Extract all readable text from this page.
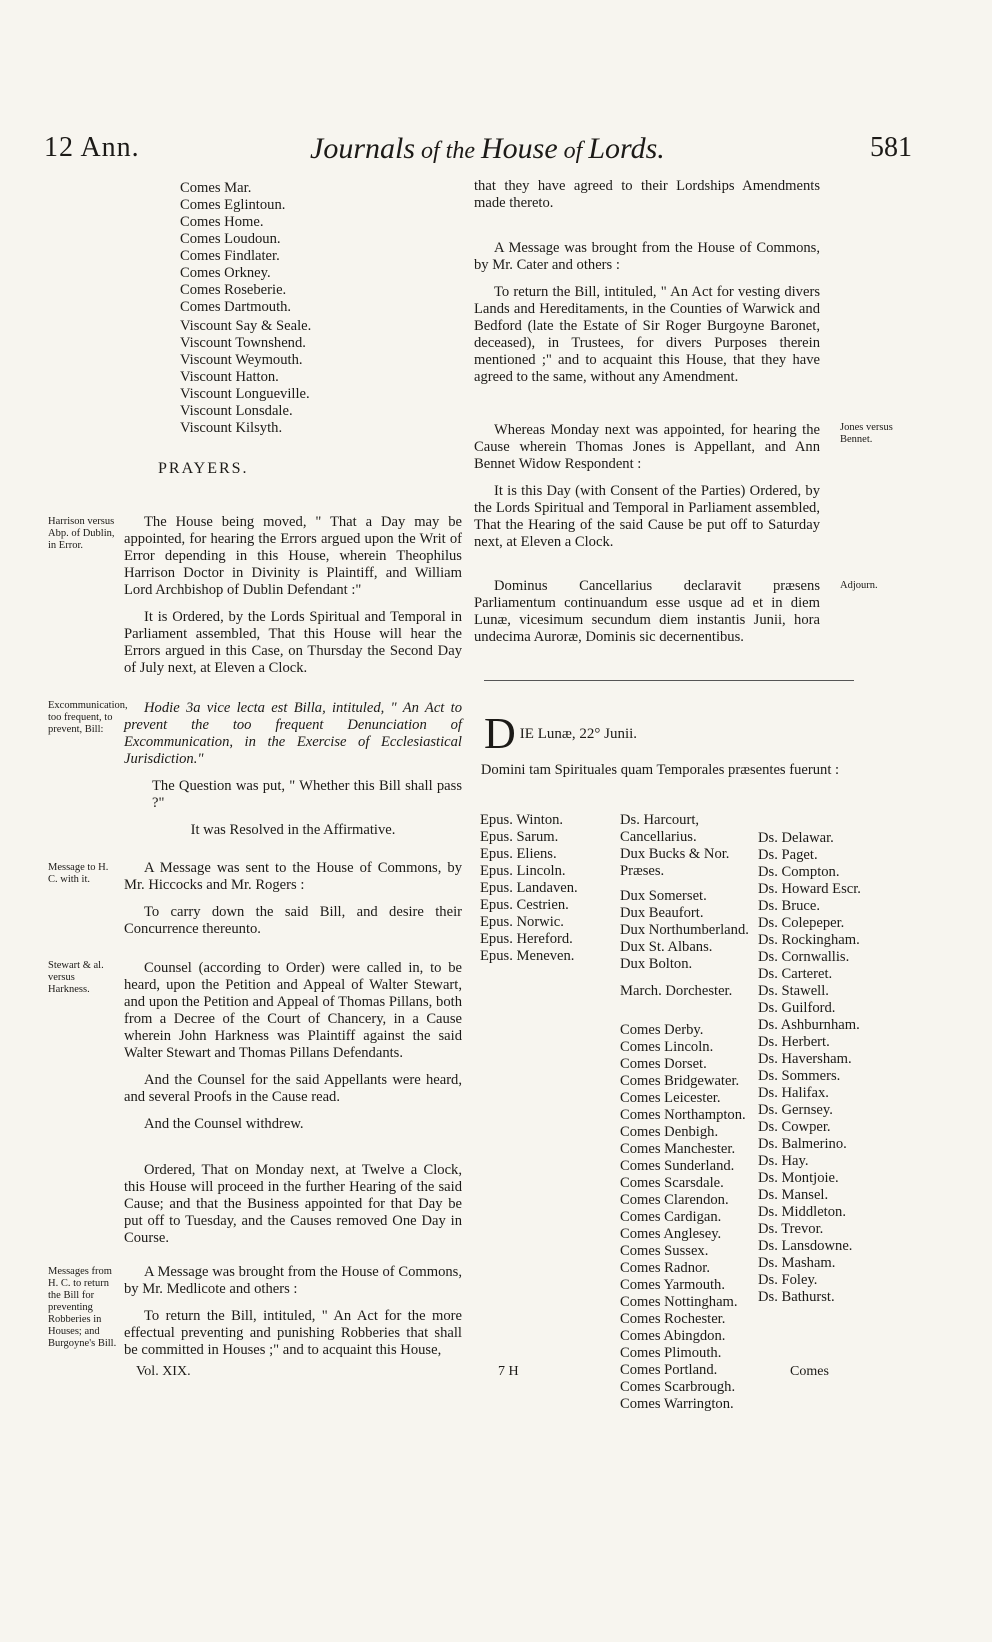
12 Ann.	Journals of the House of Lords.	581
Comes Mar.
Comes Eglintoun.
Comes Home.
Comes Loudoun.
Comes Findlater.
Comes Orkney.
Comes Roseberie.
Comes Dartmouth.
Viscount Say & Seale.
Viscount Townshend.
Viscount Weymouth.
Viscount Hatton.
Viscount Longueville.
Viscount Lonsdale.
Viscount Kilsyth.
PRAYERS.
Harrison versus Abp. of Dublin, in Error.
Excommunication, too frequent, to prevent, Bill:
Message to H. C. with it.
Stewart & al. versus Harkness.
Messages from H. C. to return the Bill for preventing Robberies in Houses; and Burgoyne's Bill.

The House being moved, " That a Day may be appointed, for hearing the Errors argued upon the Writ of Error depending in this House, wherein Theophilus Harrison Doctor in Divinity is Plaintiff, and William Lord Archbishop of Dublin Defendant :"

It is Ordered, by the Lords Spiritual and Temporal in Parliament assembled, That this House will hear the Errors argued in this Case, on Thursday the Second Day of July next, at Eleven a Clock.

Hodie 3a vice lecta est Billa, intituled, " An Act to prevent the too frequent Denunciation of Excommunication, in the Exercise of Ecclesiastical Jurisdiction."

The Question was put, " Whether this Bill shall pass ?"

It was Resolved in the Affirmative.

A Message was sent to the House of Commons, by Mr. Hiccocks and Mr. Rogers :

To carry down the said Bill, and desire their Concurrence thereunto.

Counsel (according to Order) were called in, to be heard, upon the Petition and Appeal of Walter Stewart, and upon the Petition and Appeal of Thomas Pillans, both from a Decree of the Court of Chancery, in a Cause wherein John Harkness was Plaintiff against the said Walter Stewart and Thomas Pillans Defendants.

And the Counsel for the said Appellants were heard, and several Proofs in the Cause read.

And the Counsel withdrew.

Ordered, That on Monday next, at Twelve a Clock, this House will proceed in the further Hearing of the said Cause; and that the Business appointed for that Day be put off to Tuesday, and the Causes removed One Day in Course.

A Message was brought from the House of Commons, by Mr. Medlicote and others :

To return the Bill, intituled, " An Act for the more effectual preventing and punishing Robberies that shall be committed in Houses ;" and to acquaint this House,

Vol. XIX.	7 H

that they have agreed to their Lordships Amendments made thereto.

A Message was brought from the House of Commons, by Mr. Cater and others :

To return the Bill, intituled, " An Act for vesting divers Lands and Hereditaments, in the Counties of Warwick and Bedford (late the Estate of Sir Roger Burgoyne Baronet, deceased), in Trustees, for divers Purposes therein mentioned ;" and to acquaint this House, that they have agreed to the same, without any Amendment.

Whereas Monday next was appointed, for hearing the Cause wherein Thomas Jones is Appellant, and Ann Bennet Widow Respondent :

It is this Day (with Consent of the Parties) Ordered, by the Lords Spiritual and Temporal in Parliament assembled, That the Hearing of the said Cause be put off to Saturday next, at Eleven a Clock.

Dominus Cancellarius declaravit præsens Parliamentum continuandum esse usque ad et in diem Lunæ, vicesimum secundum diem instantis Junii, hora undecima Auroræ, Dominis sic decernentibus.

Jones versus Bennet.
Adjourn.
D IE Lunæ, 22° Junii.
Domini tam Spirituales quam Temporales præsentes fuerunt :
Epus. Winton.
Epus. Sarum.
Epus. Eliens.
Epus. Lincoln.
Epus. Landaven.
Epus. Cestrien.
Epus. Norwic.
Epus. Hereford.
Epus. Meneven.
Ds. Harcourt, Cancellarius.
Dux Bucks & Nor. Præses.
Dux Somerset.
Dux Beaufort.
Dux Northumberland.
Dux St. Albans.
Dux Bolton.
March. Dorchester.
Comes Derby.
Comes Lincoln.
Comes Dorset.
Comes Bridgewater.
Comes Leicester.
Comes Northampton.
Comes Denbigh.
Comes Manchester.
Comes Sunderland.
Comes Scarsdale.
Comes Clarendon.
Comes Cardigan.
Comes Anglesey.
Comes Sussex.
Comes Radnor.
Comes Yarmouth.
Comes Nottingham.
Comes Rochester.
Comes Abingdon.
Comes Plimouth.
Comes Portland.
Comes Scarbrough.
Comes Warrington.
Ds. Delawar.
Ds. Paget.
Ds. Compton.
Ds. Howard Escr.
Ds. Bruce.
Ds. Colepeper.
Ds. Rockingham.
Ds. Cornwallis.
Ds. Carteret.
Ds. Stawell.
Ds. Guilford.
Ds. Ashburnham.
Ds. Herbert.
Ds. Haversham.
Ds. Sommers.
Ds. Halifax.
Ds. Gernsey.
Ds. Cowper.
Ds. Balmerino.
Ds. Hay.
Ds. Montjoie.
Ds. Mansel.
Ds. Middleton.
Ds. Trevor.
Ds. Lansdowne.
Ds. Masham.
Ds. Foley.
Ds. Bathurst.
Comes
